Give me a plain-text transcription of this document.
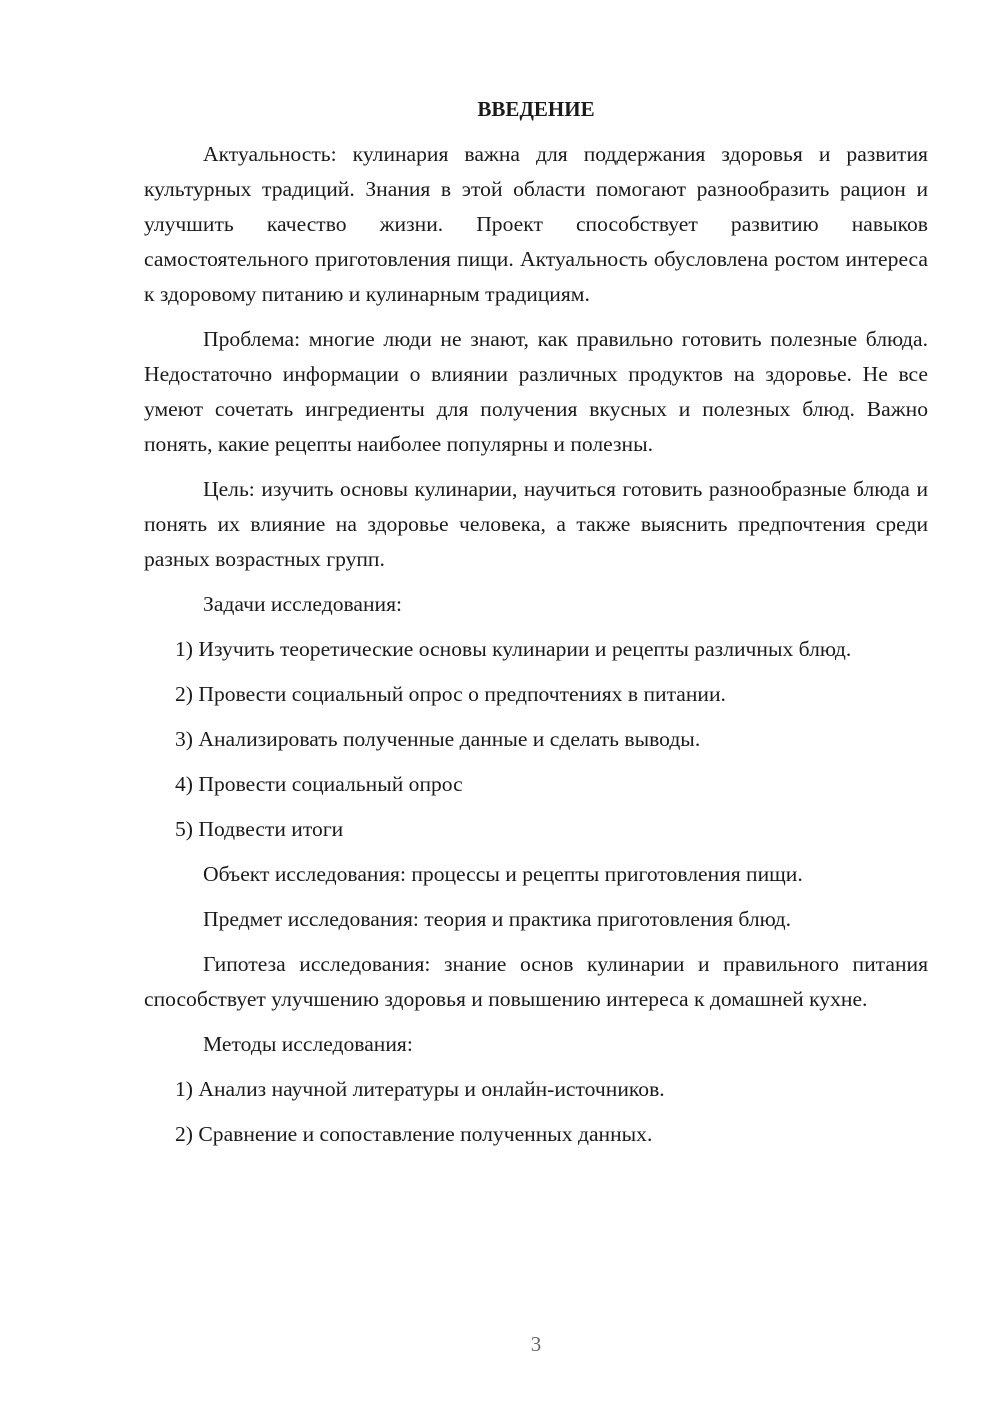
ВВЕДЕНИЕ

Актуальность: кулинария важна для поддержания здоровья и развития культурных традиций. Знания в этой области помогают разнообразить рацион и улучшить качество жизни. Проект способствует развитию навыков самостоятельного приготовления пищи. Актуальность обусловлена ростом интереса к здоровому питанию и кулинарным традициям.

Проблема: многие люди не знают, как правильно готовить полезные блюда. Недостаточно информации о влиянии различных продуктов на здоровье. Не все умеют сочетать ингредиенты для получения вкусных и полезных блюд. Важно понять, какие рецепты наиболее популярны и полезны.

Цель: изучить основы кулинарии, научиться готовить разнообразные блюда и понять их влияние на здоровье человека, а также выяснить предпочтения среди разных возрастных групп.

Задачи исследования:

1) Изучить теоретические основы кулинарии и рецепты различных блюд.

2) Провести социальный опрос о предпочтениях в питании.

3) Анализировать полученные данные и сделать выводы.

4) Провести социальный опрос

5) Подвести итоги

Объект исследования: процессы и рецепты приготовления пищи.

Предмет исследования: теория и практика приготовления блюд.

Гипотеза исследования: знание основ кулинарии и правильного питания способствует улучшению здоровья и повышению интереса к домашней кухне.

Методы исследования:

1) Анализ научной литературы и онлайн-источников.

2) Сравнение и сопоставление полученных данных.

3
